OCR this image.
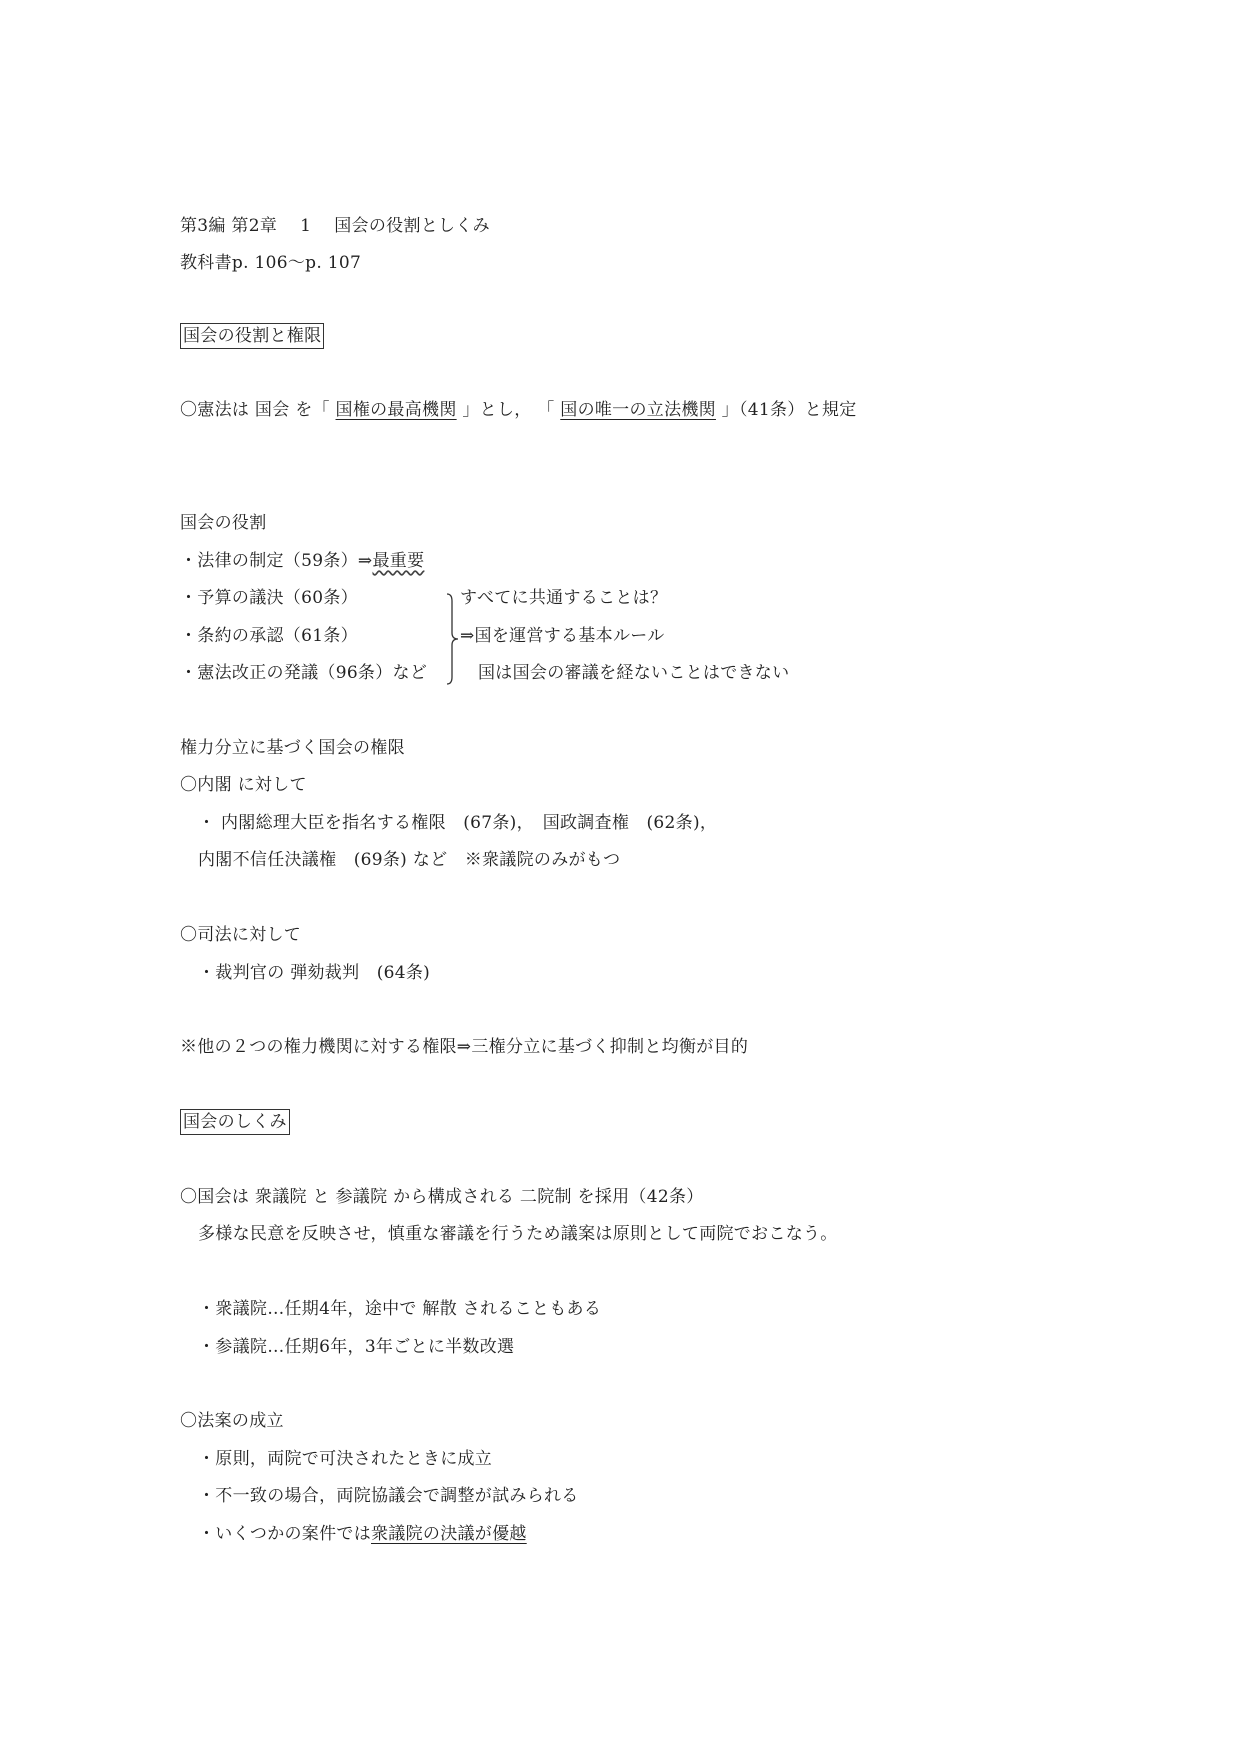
第3編 第2章　 1　 国会の役割としくみ
教科書p. 106〜p. 107
国会の役割と権限
〇憲法は 国会 を「 国権の最高機関 」とし， 「 国の唯一の立法機関 」（41条）と規定
国会の役割
・法律の制定（59条）⇒最重要
・予算の議決（60条）
・条約の承認（61条）
・憲法改正の発議（96条）など
すべてに共通することは？
⇒国を運営する基本ルール
国は国会の審議を経ないことはできない
権力分立に基づく国会の権限
〇内閣 に対して
・ 内閣総理大臣を指名する権限　(67条)，　国政調査権　(62条)，
内閣不信任決議権　(69条) など　※衆議院のみがもつ
〇司法に対して
・裁判官の 弾劾裁判　(64条)
※他の２つの権力機関に対する権限⇒三権分立に基づく抑制と均衡が目的
国会のしくみ
〇国会は 衆議院 と 参議院 から構成される 二院制 を採用（42条）
多様な民意を反映させ，慎重な審議を行うため議案は原則として両院でおこなう。
・衆議院…任期4年，途中で 解散 されることもある
・参議院…任期6年，3年ごとに半数改選
〇法案の成立
・原則，両院で可決されたときに成立
・不一致の場合，両院協議会で調整が試みられる
・いくつかの案件では衆議院の決議が優越
